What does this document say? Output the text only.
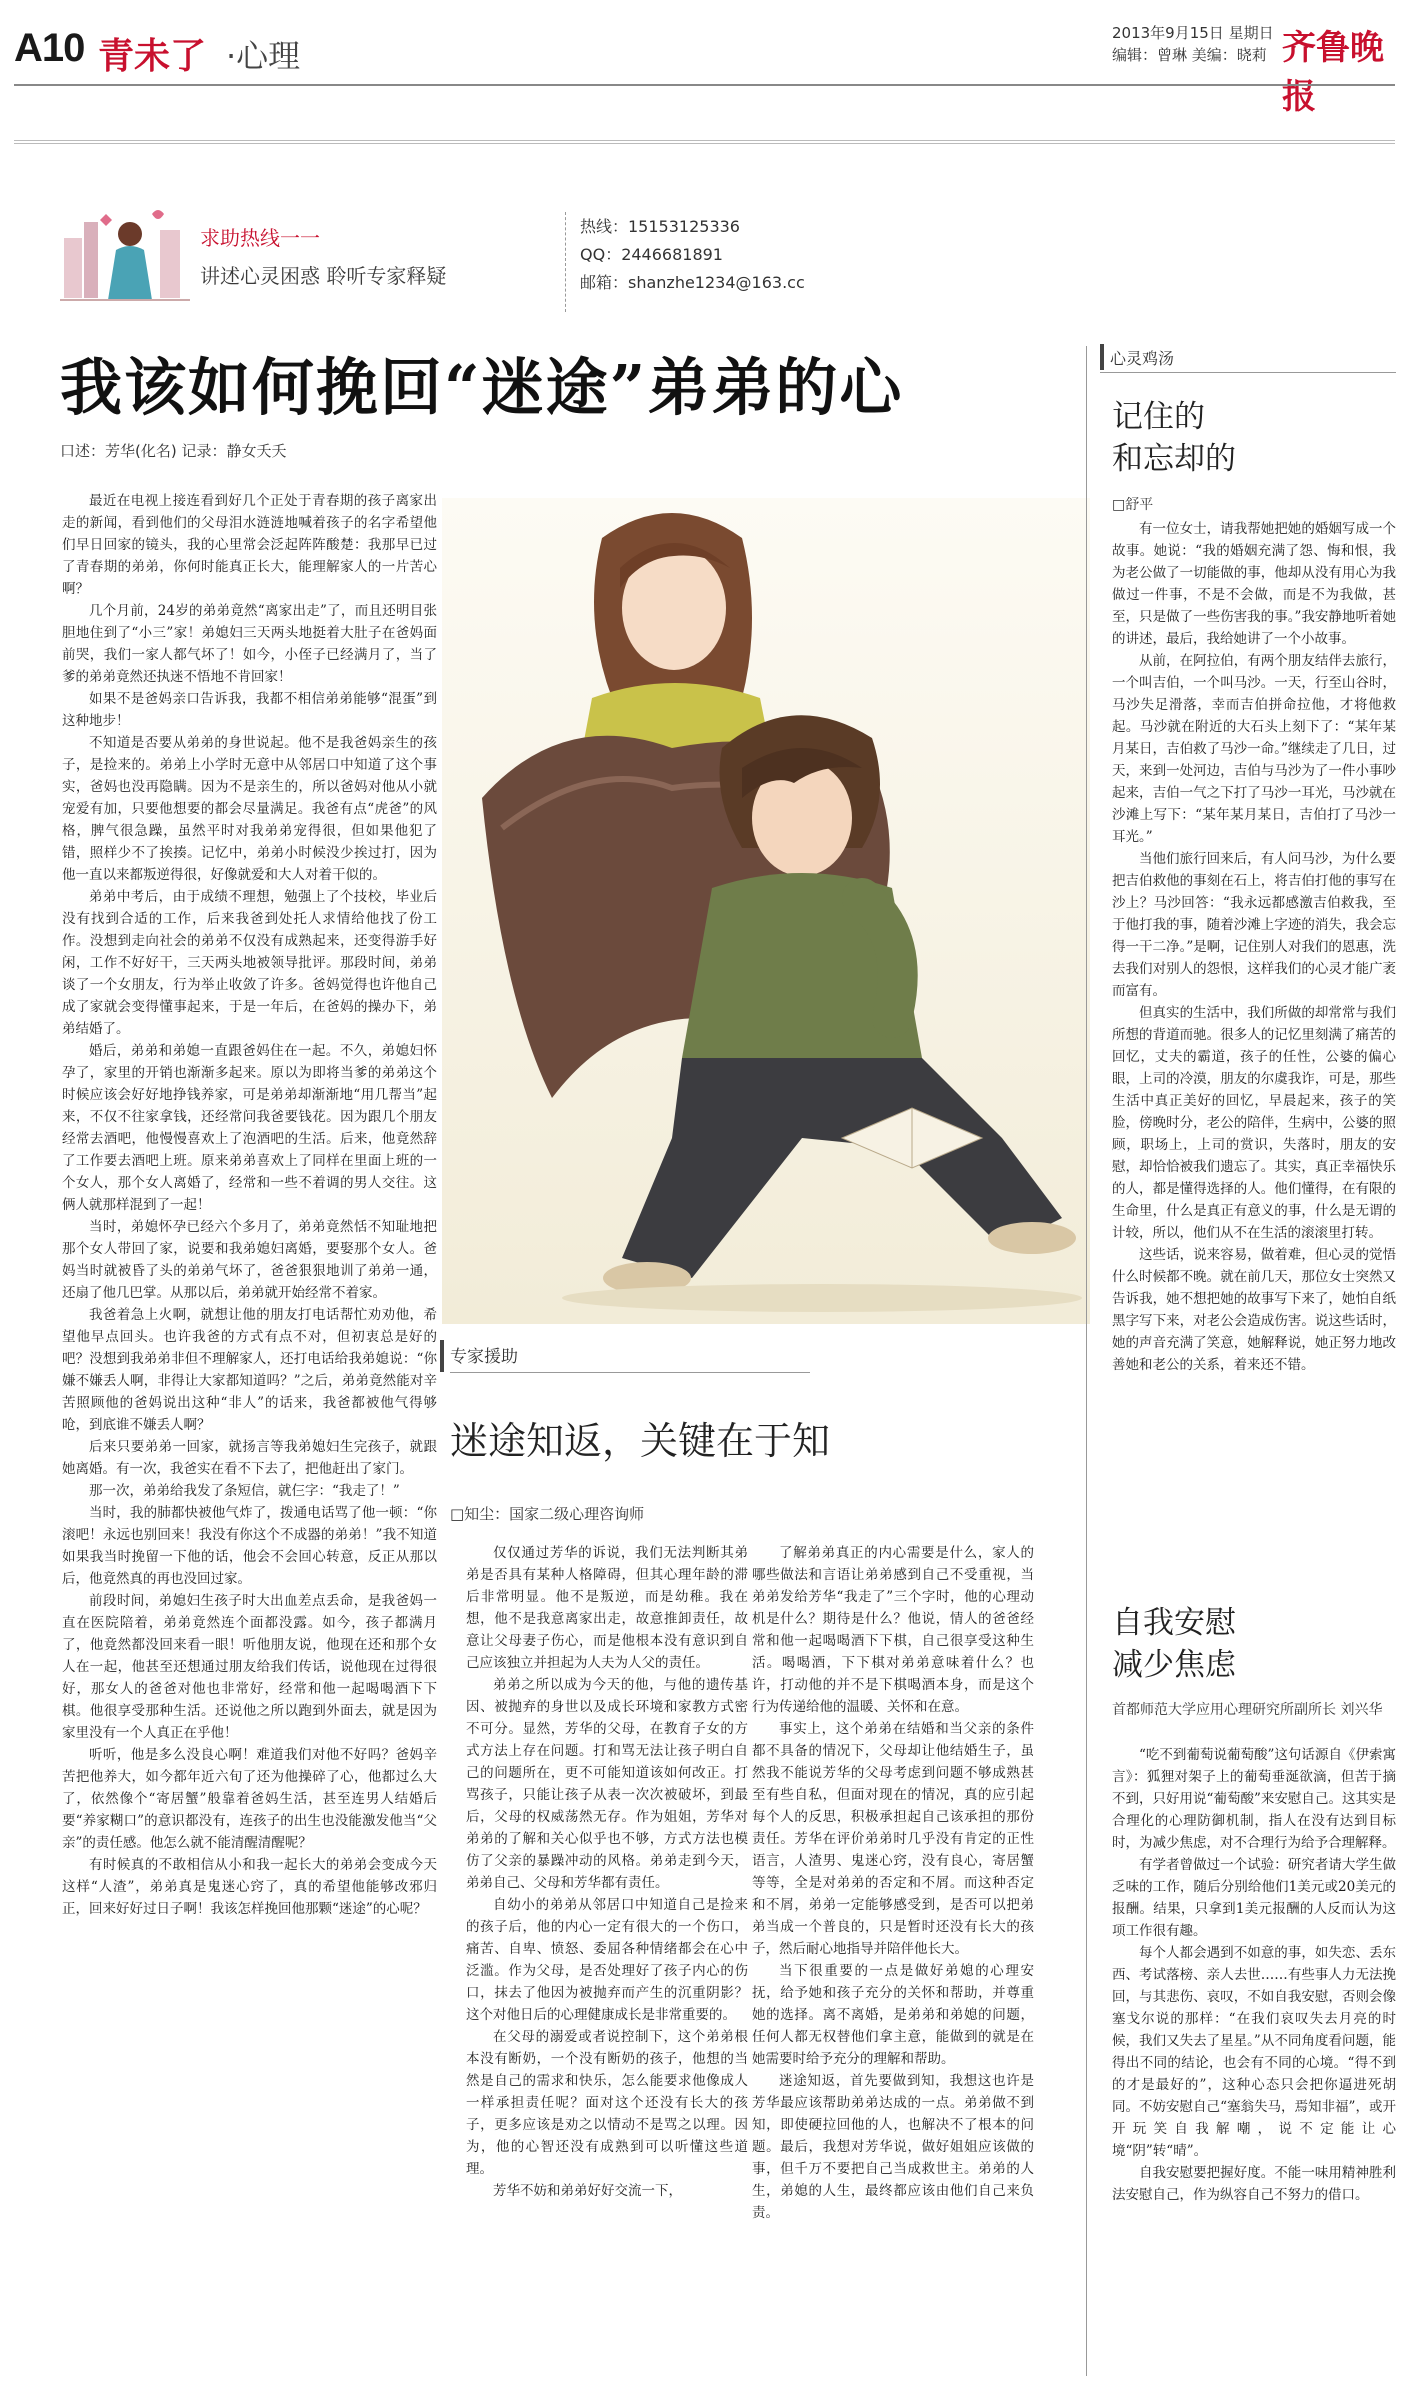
A10 青未了 ·心理
2013年9月15日 星期日
编辑：曾琳 美编：晓莉 齐鲁晚报
求助热线一一
讲述心灵困惑 聆听专家释疑
热线：15153125336
QQ：2446681891
邮箱：shanzhe1234@163.cc
我该如何挽回“迷途”弟弟的心
口述：芳华(化名) 记录：静女夭夭

最近在电视上接连看到好几个正处于青春期的孩子离家出走的新闻，看到他们的父母泪水涟涟地喊着孩子的名字希望他们早日回家的镜头，我的心里常会泛起阵阵酸楚：我那早已过了青春期的弟弟，你何时能真正长大，能理解家人的一片苦心啊？

几个月前，24岁的弟弟竟然“离家出走”了，而且还明目张胆地住到了“小三”家！弟媳妇三天两头地挺着大肚子在爸妈面前哭，我们一家人都气坏了！如今，小侄子已经满月了，当了爹的弟弟竟然还执迷不悟地不肯回家！

如果不是爸妈亲口告诉我，我都不相信弟弟能够“混蛋”到这种地步！

不知道是否要从弟弟的身世说起。他不是我爸妈亲生的孩子，是捡来的。弟弟上小学时无意中从邻居口中知道了这个事实，爸妈也没再隐瞒。因为不是亲生的，所以爸妈对他从小就宠爱有加，只要他想要的都会尽量满足。我爸有点“虎爸”的风格，脾气很急躁，虽然平时对我弟弟宠得很，但如果他犯了错，照样少不了挨揍。记忆中，弟弟小时候没少挨过打，因为他一直以来都叛逆得很，好像就爱和大人对着干似的。

弟弟中考后，由于成绩不理想，勉强上了个技校，毕业后没有找到合适的工作，后来我爸到处托人求情给他找了份工作。没想到走向社会的弟弟不仅没有成熟起来，还变得游手好闲，工作不好好干，三天两头地被领导批评。那段时间，弟弟谈了一个女朋友，行为举止收敛了许多。爸妈觉得也许他自己成了家就会变得懂事起来，于是一年后，在爸妈的操办下，弟弟结婚了。

婚后，弟弟和弟媳一直跟爸妈住在一起。不久，弟媳妇怀孕了，家里的开销也渐渐多起来。原以为即将当爹的弟弟这个时候应该会好好地挣钱养家，可是弟弟却渐渐地“用几帮当”起来，不仅不往家拿钱，还经常问我爸要钱花。因为跟几个朋友经常去酒吧，他慢慢喜欢上了泡酒吧的生活。后来，他竟然辞了工作要去酒吧上班。原来弟弟喜欢上了同样在里面上班的一个女人，那个女人离婚了，经常和一些不着调的男人交往。这俩人就那样混到了一起！

当时，弟媳怀孕已经六个多月了，弟弟竟然恬不知耻地把那个女人带回了家，说要和我弟媳妇离婚，要娶那个女人。爸妈当时就被昏了头的弟弟气坏了，爸爸狠狠地训了弟弟一通，还扇了他几巴掌。从那以后，弟弟就开始经常不着家。

我爸着急上火啊，就想让他的朋友打电话帮忙劝劝他，希望他早点回头。也许我爸的方式有点不对，但初衷总是好的吧？没想到我弟弟非但不理解家人，还打电话给我弟媳说：“你嫌不嫌丢人啊，非得让大家都知道吗？”之后，弟弟竟然能对辛苦照顾他的爸妈说出这种“非人”的话来，我爸都被他气得够呛，到底谁不嫌丢人啊？

后来只要弟弟一回家，就扬言等我弟媳妇生完孩子，就跟她离婚。有一次，我爸实在看不下去了，把他赶出了家门。

那一次，弟弟给我发了条短信，就仨字：“我走了！”

当时，我的肺都快被他气炸了，拨通电话骂了他一顿：“你滚吧！永远也别回来！我没有你这个不成器的弟弟！”我不知道如果我当时挽留一下他的话，他会不会回心转意，反正从那以后，他竟然真的再也没回过家。

前段时间，弟媳妇生孩子时大出血差点丢命，是我爸妈一直在医院陪着，弟弟竟然连个面都没露。如今，孩子都满月了，他竟然都没回来看一眼！听他朋友说，他现在还和那个女人在一起，他甚至还想通过朋友给我们传话，说他现在过得很好，那女人的爸爸对他也非常好，经常和他一起喝喝酒下下棋。他很享受那种生活。还说他之所以跑到外面去，就是因为家里没有一个人真正在乎他！

听听，他是多么没良心啊！难道我们对他不好吗？爸妈辛苦把他养大，如今都年近六旬了还为他操碎了心，他都过么大了，依然像个“寄居蟹”般靠着爸妈生活，甚至连男人结婚后要“养家糊口”的意识都没有，连孩子的出生也没能激发他当“父亲”的责任感。他怎么就不能清醒清醒呢？

有时候真的不敢相信从小和我一起长大的弟弟会变成今天这样“人渣”，弟弟真是鬼迷心窍了，真的希望他能够改邪归正，回来好好过日子啊！我该怎样挽回他那颗“迷途”的心呢？

专家援助
迷途知返，关键在于知
□知尘：国家二级心理咨询师

仅仅通过芳华的诉说，我们无法判断其弟弟是否具有某种人格障碍，但其心理年龄的滞后非常明显。他不是叛逆，而是幼稚。我在想，他不是我意离家出走，故意推卸责任，故意让父母妻子伤心，而是他根本没有意识到自己应该独立并担起为人夫为人父的责任。

弟弟之所以成为今天的他，与他的遗传基因、被抛弃的身世以及成长环境和家教方式密不可分。显然，芳华的父母，在教育子女的方式方法上存在问题。打和骂无法让孩子明白自己的问题所在，更不可能知道该如何改正。打骂孩子，只能让孩子从表一次次被破坏，到最后，父母的权威荡然无存。作为姐姐，芳华对弟弟的了解和关心似乎也不够，方式方法也模仿了父亲的暴躁冲动的风格。弟弟走到今天，弟弟自己、父母和芳华都有责任。

自幼小的弟弟从邻居口中知道自己是捡来的孩子后，他的内心一定有很大的一个伤口，痛苦、自卑、愤怒、委屈各种情绪都会在心中泛滥。作为父母，是否处理好了孩子内心的伤口，抹去了他因为被抛弃而产生的沉重阴影？这个对他日后的心理健康成长是非常重要的。

在父母的溺爱或者说控制下，这个弟弟根本没有断奶，一个没有断奶的孩子，他想的当然是自己的需求和快乐，怎么能要求他像成人一样承担责任呢？面对这个还没有长大的孩子，更多应该是劝之以情动不是骂之以理。因为，他的心智还没有成熟到可以听懂这些道理。

芳华不妨和弟弟好好交流一下，

了解弟弟真正的内心需要是什么，家人的哪些做法和言语让弟弟感到自己不受重视，当弟弟发给芳华“我走了”三个字时，他的心理动机是什么？期待是什么？他说，情人的爸爸经常和他一起喝喝酒下下棋，自己很享受这种生活。喝喝酒，下下棋对弟弟意味着什么？也许，打动他的并不是下棋喝酒本身，而是这个行为传递给他的温暖、关怀和在意。

事实上，这个弟弟在结婚和当父亲的条件都不具备的情况下，父母却让他结婚生子，虽然我不能说芳华的父母考虑到问题不够成熟甚至有些自私，但面对现在的情况，真的应引起每个人的反思，积极承担起自己该承担的那份责任。芳华在评价弟弟时几乎没有肯定的正性语言，人渣男、鬼迷心窍，没有良心，寄居蟹等等，全是对弟弟的否定和不屑。而这种否定和不屑，弟弟一定能够感受到，是否可以把弟弟当成一个普良的，只是暂时还没有长大的孩子，然后耐心地指导并陪伴他长大。

当下很重要的一点是做好弟媳的心理安抚，给予她和孩子充分的关怀和帮助，并尊重她的选择。离不离婚，是弟弟和弟媳的问题，任何人都无权替他们拿主意，能做到的就是在她需要时给予充分的理解和帮助。

迷途知返，首先要做到知，我想这也许是芳华最应该帮助弟弟达成的一点。弟弟做不到知，即使硬拉回他的人，也解决不了根本的问题。最后，我想对芳华说，做好姐姐应该做的事，但千万不要把自己当成救世主。弟弟的人生，弟媳的人生，最终都应该由他们自己来负责。

心灵鸡汤
记住的
和忘却的
□舒平

有一位女士，请我帮她把她的婚姻写成一个故事。她说：“我的婚姻充满了怨、悔和恨，我为老公做了一切能做的事，他却从没有用心为我做过一件事，不是不会做，而是不为我做，甚至，只是做了一些伤害我的事。”我安静地听着她的讲述，最后，我给她讲了一个小故事。

从前，在阿拉伯，有两个朋友结伴去旅行，一个叫吉伯，一个叫马沙。一天，行至山谷时，马沙失足滑落，幸而吉伯拼命拉他，才将他救起。马沙就在附近的大石头上刻下了：“某年某月某日，吉伯救了马沙一命。”继续走了几日，过天，来到一处河边，吉伯与马沙为了一件小事吵起来，吉伯一气之下打了马沙一耳光，马沙就在沙滩上写下：“某年某月某日，吉伯打了马沙一耳光。”

当他们旅行回来后，有人问马沙，为什么要把吉伯救他的事刻在石上，将吉伯打他的事写在沙上？马沙回答：“我永远都感激吉伯救我，至于他打我的事，随着沙滩上字迹的消失，我会忘得一干二净。”是啊，记住别人对我们的恩惠，洗去我们对别人的怨恨，这样我们的心灵才能广袤而富有。

但真实的生活中，我们所做的却常常与我们所想的背道而驰。很多人的记忆里刻满了痛苦的回忆，丈夫的霸道，孩子的任性，公婆的偏心眼，上司的冷漠，朋友的尔虞我诈，可是，那些生活中真正美好的回忆，早晨起来，孩子的笑脸，傍晚时分，老公的陪伴，生病中，公婆的照顾，职场上，上司的赏识，失落时，朋友的安慰，却恰恰被我们遗忘了。其实，真正幸福快乐的人，都是懂得选择的人。他们懂得，在有限的生命里，什么是真正有意义的事，什么是无谓的计较，所以，他们从不在生活的滚滚里打转。

这些话，说来容易，做着难，但心灵的觉悟什么时候都不晚。就在前几天，那位女士突然又告诉我，她不想把她的故事写下来了，她怕自纸黑字写下来，对老公会造成伤害。说这些话时，她的声音充满了笑意，她解释说，她正努力地改善她和老公的关系，着来还不错。

自我安慰
减少焦虑
首都师范大学应用心理研究所副所长 刘兴华

“吃不到葡萄说葡萄酸”这句话源自《伊索寓言》：狐狸对架子上的葡萄垂涎欲滴，但苦于摘不到，只好用说“葡萄酸”来安慰自己。这其实是合理化的心理防御机制，指人在没有达到目标时，为减少焦虑，对不合理行为给予合理解释。

有学者曾做过一个试验：研究者请大学生做乏味的工作，随后分别给他们1美元或20美元的报酬。结果，只拿到1美元报酬的人反而认为这项工作很有趣。

每个人都会遇到不如意的事，如失恋、丢东西、考试落榜、亲人去世……有些事人力无法挽回，与其悲伤、哀叹，不如自我安慰，否则会像塞戈尔说的那样：“在我们哀叹失去月亮的时候，我们又失去了星星。”从不同角度看问题，能得出不同的结论，也会有不同的心境。“得不到的才是最好的”，这种心态只会把你逼进死胡同。不妨安慰自己“塞翁失马，焉知非福”，或开开玩笑自我解嘲，说不定能让心境“阴”转“晴”。

自我安慰要把握好度。不能一味用精神胜利法安慰自己，作为纵容自己不努力的借口。
